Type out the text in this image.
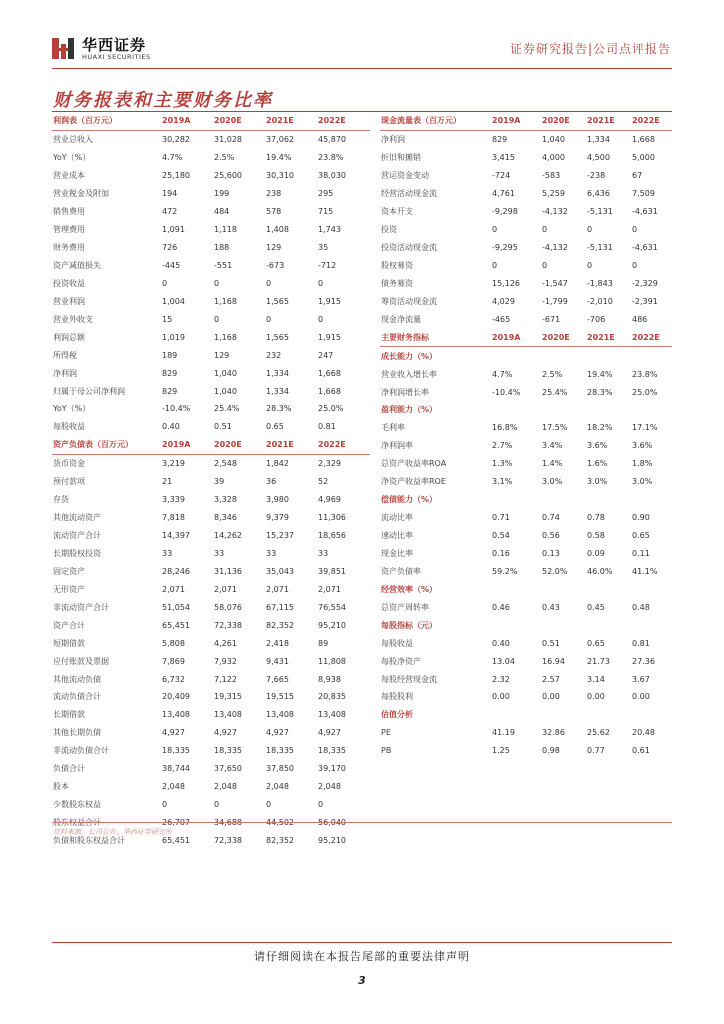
华西证券
HUAXI SECURITIES
证券研究报告|公司点评报告
财务报表和主要财务比率
利润表（百万元）	2019A	2020E	2021E	2022E
营业总收入	30,282	31,028	37,062	45,870
YoY（%）	4.7%	2.5%	19.4%	23.8%
营业成本	25,180	25,600	30,310	38,030
营业税金及附加	194	199	238	295
销售费用	472	484	578	715
管理费用	1,091	1,118	1,408	1,743
财务费用	726	188	129	35
资产减值损失	-445	-551	-673	-712
投资收益	0	0	0	0
营业利润	1,004	1,168	1,565	1,915
营业外收支	15	0	0	0
利润总额	1,019	1,168	1,565	1,915
所得税	189	129	232	247
净利润	829	1,040	1,334	1,668
归属于母公司净利润	829	1,040	1,334	1,668
YoY（%）	-10.4%	25.4%	28.3%	25.0%
每股收益	0.40	0.51	0.65	0.81
资产负债表（百万元）	2019A	2020E	2021E	2022E
货币资金	3,219	2,548	1,842	2,329
预付款项	21	39	36	52
存货	3,339	3,328	3,980	4,969
其他流动资产	7,818	8,346	9,379	11,306
流动资产合计	14,397	14,262	15,237	18,656
长期股权投资	33	33	33	33
固定资产	28,246	31,136	35,043	39,851
无形资产	2,071	2,071	2,071	2,071
非流动资产合计	51,054	58,076	67,115	76,554
资产合计	65,451	72,338	82,352	95,210
短期借款	5,808	4,261	2,418	89
应付账款及票据	7,869	7,932	9,431	11,808
其他流动负债	6,732	7,122	7,665	8,938
流动负债合计	20,409	19,315	19,515	20,835
长期借款	13,408	13,408	13,408	13,408
其他长期负债	4,927	4,927	4,927	4,927
非流动负债合计	18,335	18,335	18,335	18,335
负债合计	38,744	37,650	37,850	39,170
股本	2,048	2,048	2,048	2,048
少数股东权益	0	0	0	0
股东权益合计	26,707	34,688	44,502	56,040
负债和股东权益合计	65,451	72,338	82,352	95,210
现金流量表（百万元）	2019A	2020E	2021E	2022E
净利润	829	1,040	1,334	1,668
折旧和摊销	3,415	4,000	4,500	5,000
营运资金变动	-724	-583	-238	67
经营活动现金流	4,761	5,259	6,436	7,509
资本开支	-9,298	-4,132	-5,131	-4,631
投资	0	0	0	0
投资活动现金流	-9,295	-4,132	-5,131	-4,631
股权募资	0	0	0	0
债务募资	15,126	-1,547	-1,843	-2,329
筹资活动现金流	4,029	-1,799	-2,010	-2,391
现金净流量	-465	-671	-706	486
主要财务指标	2019A	2020E	2021E	2022E
成长能力（%）				
营业收入增长率	4.7%	2.5%	19.4%	23.8%
净利润增长率	-10.4%	25.4%	28.3%	25.0%
盈利能力（%）				
毛利率	16.8%	17.5%	18.2%	17.1%
净利润率	2.7%	3.4%	3.6%	3.6%
总资产收益率ROA	1.3%	1.4%	1.6%	1.8%
净资产收益率ROE	3.1%	3.0%	3.0%	3.0%
偿债能力（%）				
流动比率	0.71	0.74	0.78	0.90
速动比率	0.54	0.56	0.58	0.65
现金比率	0.16	0.13	0.09	0.11
资产负债率	59.2%	52.0%	46.0%	41.1%
经营效率（%）				
总资产周转率	0.46	0.43	0.45	0.48
每股指标（元）				
每股收益	0.40	0.51	0.65	0.81
每股净资产	13.04	16.94	21.73	27.36
每股经营现金流	2.32	2.57	3.14	3.67
每股股利	0.00	0.00	0.00	0.00
估值分析				
PE	41.19	32.86	25.62	20.48
PB	1.25	0.98	0.77	0.61
资料来源：公司公告，华西证券研究所
请仔细阅读在本报告尾部的重要法律声明
3
